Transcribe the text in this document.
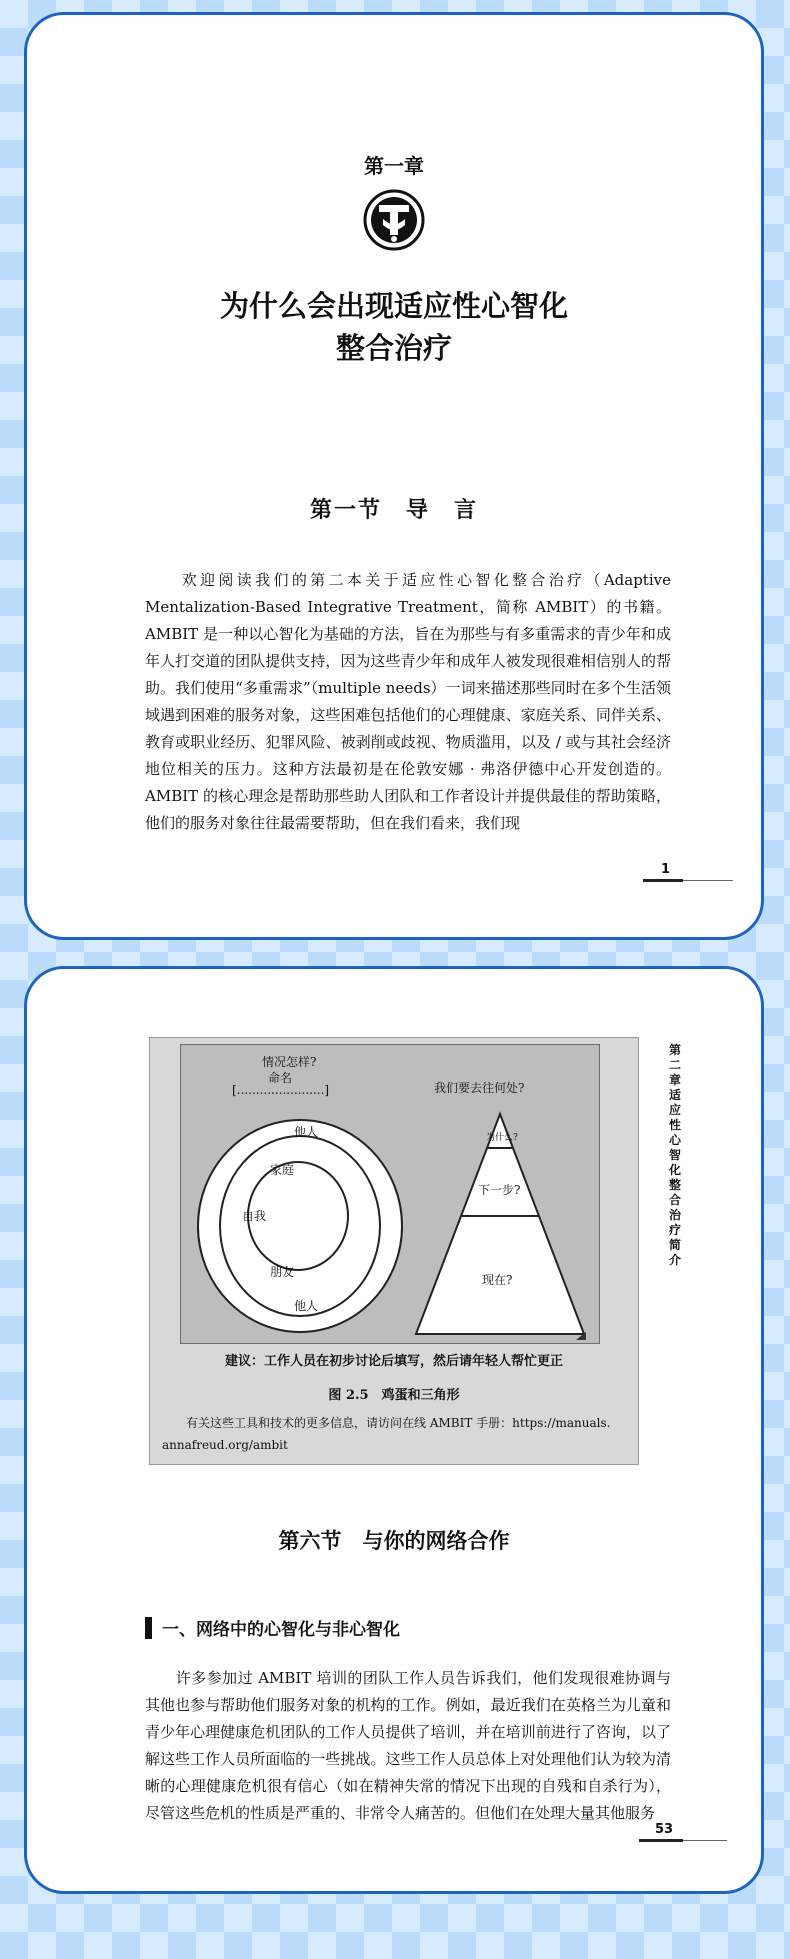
第一章
为什么会出现适应性心智化
整合治疗
第一节　导　言

　　欢迎阅读我们的第二本关于适应性心智化整合治疗（Adaptive Mentalization-Based Integrative Treatment，简称 AMBIT）的书籍。AMBIT 是一种以心智化为基础的方法，旨在为那些与有多重需求的青少年和成年人打交道的团队提供支持，因为这些青少年和成年人被发现很难相信别人的帮助。我们使用“多重需求”（multiple needs）一词来描述那些同时在多个生活领域遇到困难的服务对象，这些困难包括他们的心理健康、家庭关系、同伴关系、教育或职业经历、犯罪风险、被剥削或歧视、物质滥用，以及 / 或与其社会经济地位相关的压力。这种方法最初是在伦敦安娜 · 弗洛伊德中心开发创造的。AMBIT 的核心理念是帮助那些助人团队和工作者设计并提供最佳的帮助策略，他们的服务对象往往最需要帮助，但在我们看来，我们现

1
情况怎样?
命名
[.......................]	我们要去往何处?
他人
家庭
自我
朋友
他人
为什么?
下一步?
现在?
建议：工作人员在初步讨论后填写，然后请年轻人帮忙更正
图 2.5　鸡蛋和三角形

　　有关这些工具和技术的更多信息，请访问在线 AMBIT 手册：https://manuals. annafreud.org/ambit

第二章　适应性心智化整合治疗简介
第六节　与你的网络合作
一、网络中的心智化与非心智化

　　许多参加过 AMBIT 培训的团队工作人员告诉我们，他们发现很难协调与其他也参与帮助他们服务对象的机构的工作。例如，最近我们在英格兰为儿童和青少年心理健康危机团队的工作人员提供了培训，并在培训前进行了咨询，以了解这些工作人员所面临的一些挑战。这些工作人员总体上对处理他们认为较为清晰的心理健康危机很有信心（如在精神失常的情况下出现的自残和自杀行为），尽管这些危机的性质是严重的、非常令人痛苦的。但他们在处理大量其他服务

53
